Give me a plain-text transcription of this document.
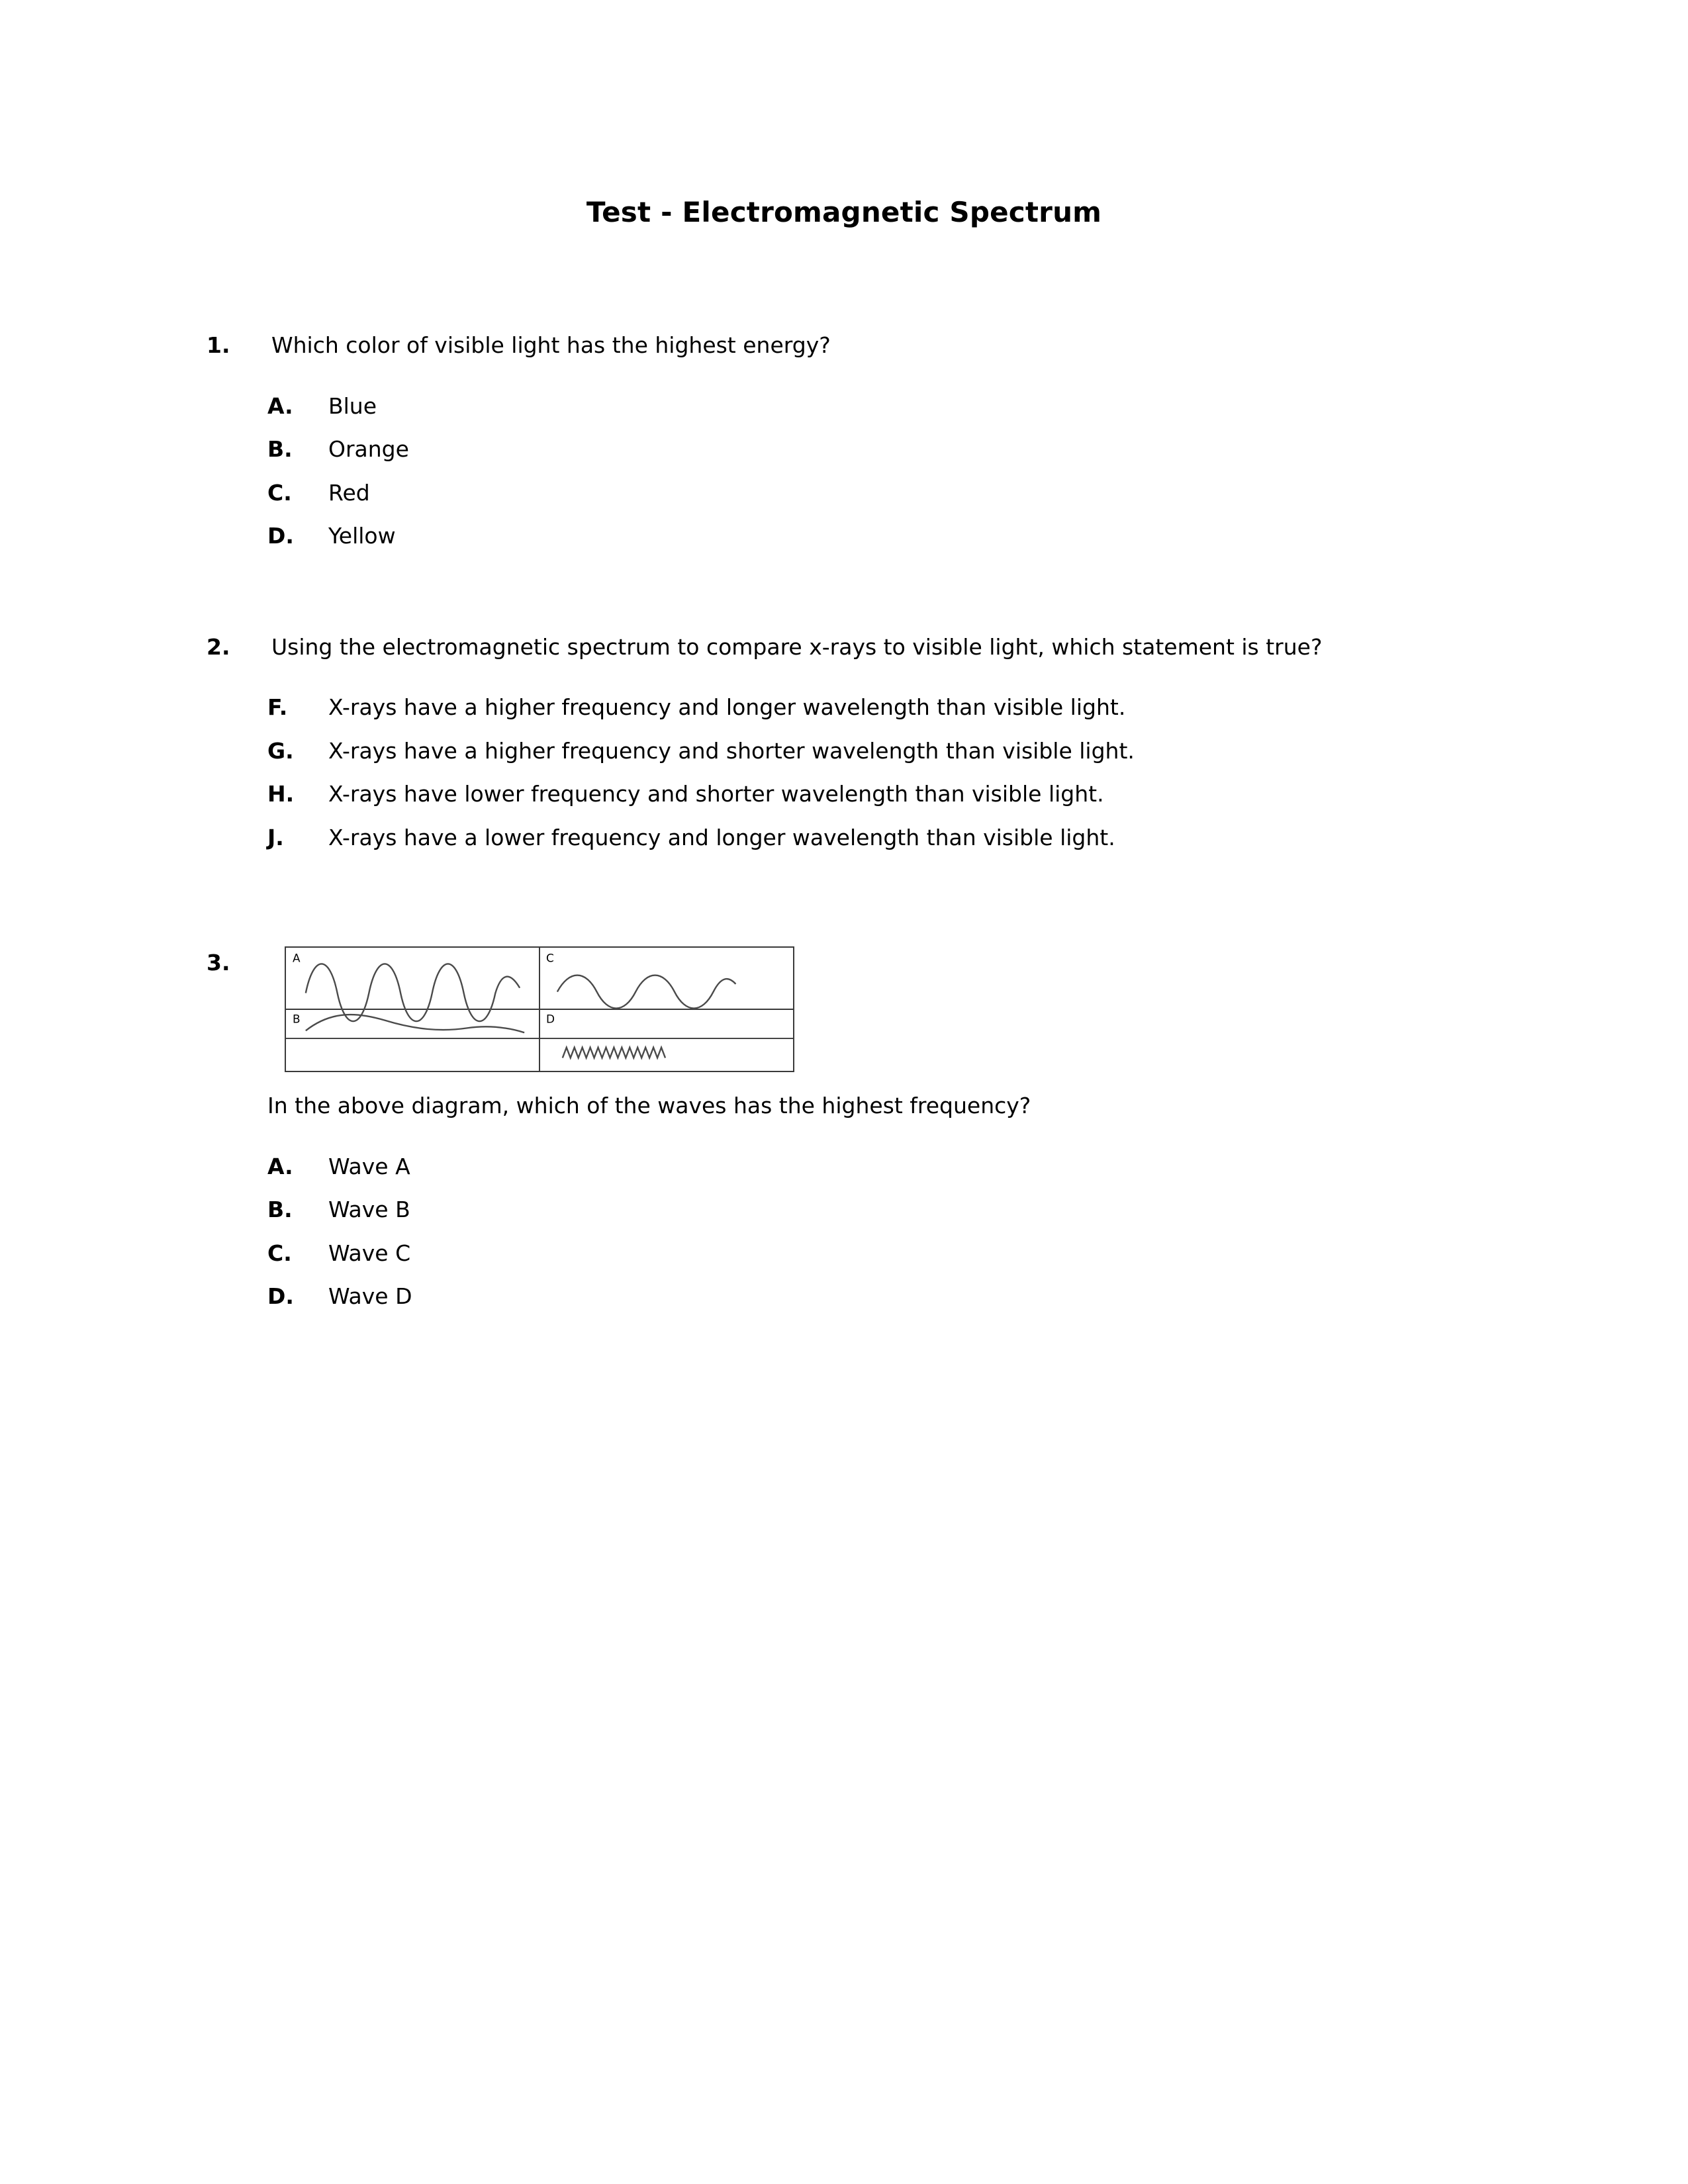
Test - Electromagnetic Spectrum
1.	Which color of visible light has the highest energy?
A.	Blue
B.	Orange
C.	Red
D.	Yellow
2.	Using the electromagnetic spectrum to compare x-rays to visible light, which statement is true?
F.	X-rays have a higher frequency and longer wavelength than visible light.
G.	X-rays have a higher frequency and shorter wavelength than visible light.
H.	X-rays have lower frequency and shorter wavelength than visible light.
J.	X-rays have a lower frequency and longer wavelength than visible light.
3.	A
B
C
D
In the above diagram, which of the waves has the highest frequency?
A.	Wave A
B.	Wave B
C.	Wave C
D.	Wave D
